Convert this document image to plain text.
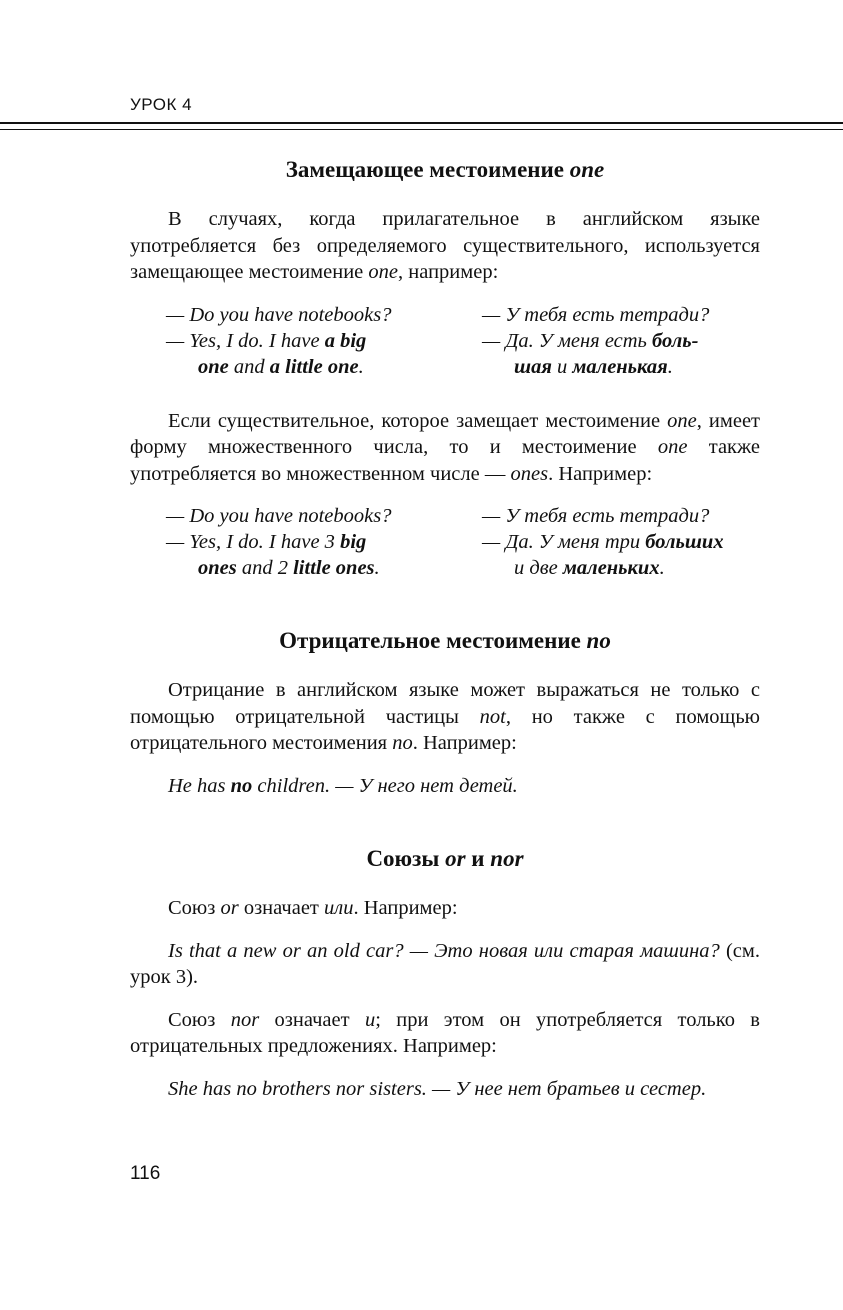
УРОК 4
Замещающее местоимение one

В случаях, когда прилагательное в английском языке употребляется без определяемого существительного, используется замещающее местоимение one, например:

— Do you have notebooks?
— Yes, I do. I have a big
one and a little one.
— У тебя есть тетради?
— Да. У меня есть боль-
шая и маленькая.

Если существительное, которое замещает местоимение one, имеет форму множественного числа, то и местоимение one также употребляется во множественном числе — ones. Например:

— Do you have notebooks?
— Yes, I do. I have 3 big
ones and 2 little ones.
— У тебя есть тетради?
— Да. У меня три больших
и две маленьких.
Отрицательное местоимение no

Отрицание в английском языке может выражаться не только с помощью отрицательной частицы not, но также с помощью отрицательного местоимения no. Например:

He has no children. — У него нет детей.

Союзы or и nor

Союз or означает или. Например:

Is that a new or an old car? — Это новая или старая машина? (см. урок 3).

Союз nor означает и; при этом он употребляется только в отрицательных предложениях. Например:

She has no brothers nor sisters. — У нее нет братьев и сестер.

116
